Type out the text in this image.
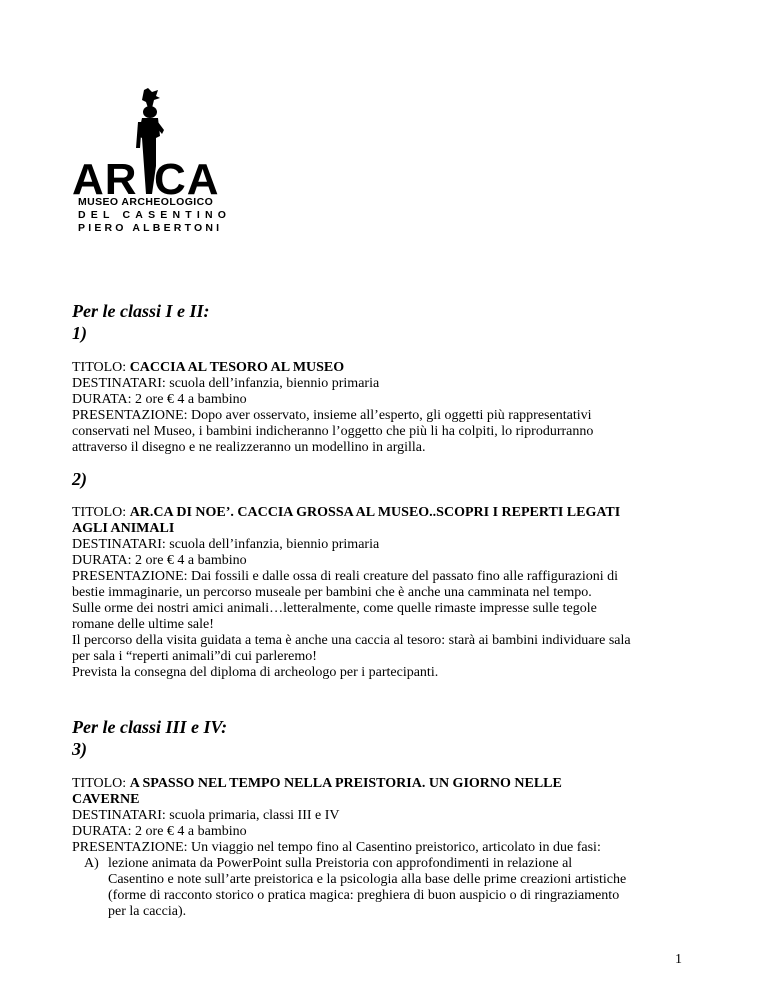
AR CA
MUSEO ARCHEOLOGICO
DEL CASENTINO
PIERO ALBERTONI

Per le classi I e II:

1)

TITOLO: CACCIA AL TESORO AL MUSEO

DESTINATARI: scuola dell’infanzia, biennio primaria

DURATA: 2 ore € 4 a bambino

PRESENTAZIONE: Dopo aver osservato, insieme all’esperto, gli oggetti più rappresentativi

conservati nel Museo, i bambini indicheranno l’oggetto che più li ha colpiti, lo riprodurranno

attraverso il disegno e ne realizzeranno un modellino in argilla.

2)

TITOLO: AR.CA DI NOE’. CACCIA GROSSA AL MUSEO..SCOPRI I REPERTI LEGATI

AGLI ANIMALI

DESTINATARI: scuola dell’infanzia, biennio primaria

DURATA: 2 ore € 4 a bambino

PRESENTAZIONE: Dai fossili e dalle ossa di reali creature del passato fino alle raffigurazioni di

bestie immaginarie, un percorso museale per bambini che è anche una camminata nel tempo.

Sulle orme dei nostri amici animali…letteralmente, come quelle rimaste impresse sulle tegole

romane delle ultime sale!

Il percorso della visita guidata a tema è anche una caccia al tesoro: starà ai bambini individuare sala

per sala i “reperti animali”di cui parleremo!

Prevista la consegna del diploma di archeologo per i partecipanti.

Per le classi III e IV:

3)

TITOLO: A SPASSO NEL TEMPO NELLA PREISTORIA. UN GIORNO NELLE

CAVERNE

DESTINATARI: scuola primaria, classi III e IV

DURATA: 2 ore € 4 a bambino

PRESENTAZIONE: Un viaggio nel tempo fino al Casentino preistorico, articolato in due fasi:

A) lezione animata da PowerPoint sulla Preistoria con approfondimenti in relazione al
Casentino e note sull’arte preistorica e la psicologia alla base delle prime creazioni artistiche
(forme di racconto storico o pratica magica: preghiera di buon auspicio o di ringraziamento
per la caccia).
1
